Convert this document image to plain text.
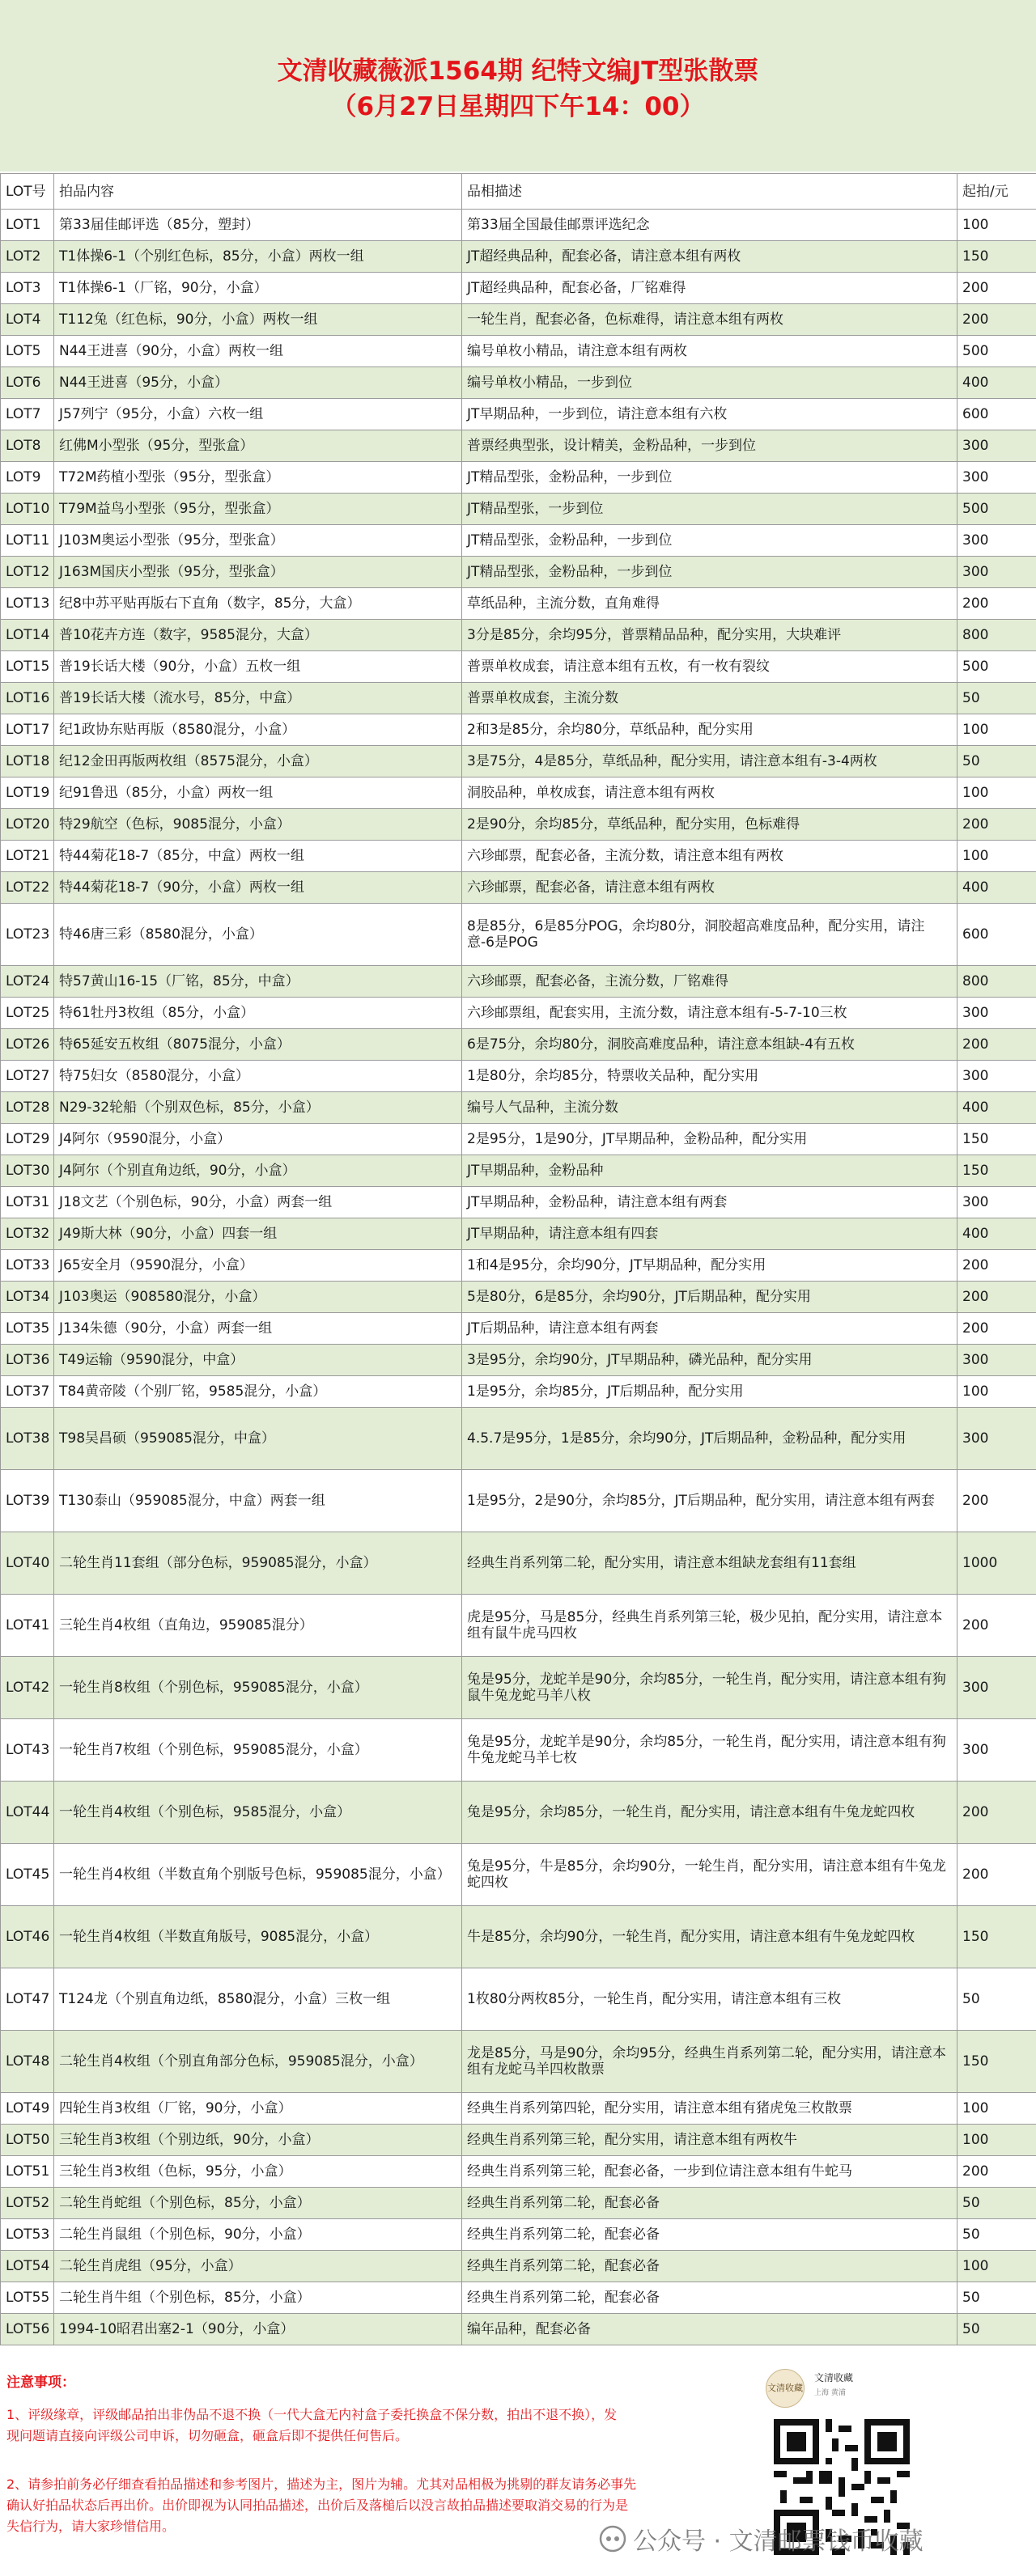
文清收藏薇派1564期 纪特文编JT型张散票
（6月27日星期四下午14：00）
LOT号	拍品内容	品相描述	起拍/元
LOT1	第33届佳邮评选（85分，塑封）	第33届全国最佳邮票评选纪念	100
LOT2	T1体操6-1（个别红色标，85分，小盒）两枚一组	JT超经典品种，配套必备，请注意本组有两枚	150
LOT3	T1体操6-1（厂铭，90分，小盒）	JT超经典品种，配套必备，厂铭难得	200
LOT4	T112兔（红色标，90分，小盒）两枚一组	一轮生肖，配套必备，色标难得，请注意本组有两枚	200
LOT5	N44王进喜（90分，小盒）两枚一组	编号单枚小精品，请注意本组有两枚	500
LOT6	N44王进喜（95分，小盒）	编号单枚小精品，一步到位	400
LOT7	J57列宁（95分，小盒）六枚一组	JT早期品种，一步到位，请注意本组有六枚	600
LOT8	红佛M小型张（95分，型张盒）	普票经典型张，设计精美，金粉品种，一步到位	300
LOT9	T72M药植小型张（95分，型张盒）	JT精品型张，金粉品种，一步到位	300
LOT10	T79M益鸟小型张（95分，型张盒）	JT精品型张，一步到位	500
LOT11	J103M奥运小型张（95分，型张盒）	JT精品型张，金粉品种，一步到位	300
LOT12	J163M国庆小型张（95分，型张盒）	JT精品型张，金粉品种，一步到位	300
LOT13	纪8中苏平贴再版右下直角（数字，85分，大盒）	草纸品种，主流分数，直角难得	200
LOT14	普10花卉方连（数字，9585混分，大盒）	3分是85分，余均95分，普票精品品种，配分实用，大块难评	800
LOT15	普19长话大楼（90分，小盒）五枚一组	普票单枚成套，请注意本组有五枚，有一枚有裂纹	500
LOT16	普19长话大楼（流水号，85分，中盒）	普票单枚成套，主流分数	50
LOT17	纪1政协东贴再版（8580混分，小盒）	2和3是85分，余均80分，草纸品种，配分实用	100
LOT18	纪12金田再版两枚组（8575混分，小盒）	3是75分，4是85分，草纸品种，配分实用，请注意本组有-3-4两枚	50
LOT19	纪91鲁迅（85分，小盒）两枚一组	洞胶品种，单枚成套，请注意本组有两枚	100
LOT20	特29航空（色标，9085混分，小盒）	2是90分，余均85分，草纸品种，配分实用，色标难得	200
LOT21	特44菊花18-7（85分，中盒）两枚一组	六珍邮票，配套必备，主流分数，请注意本组有两枚	100
LOT22	特44菊花18-7（90分，小盒）两枚一组	六珍邮票，配套必备，请注意本组有两枚	400
LOT23	特46唐三彩（8580混分，小盒）	8是85分，6是85分POG，余均80分，洞胶超高难度品种，配分实用，请注意-6是POG	600
LOT24	特57黄山16-15（厂铭，85分，中盒）	六珍邮票，配套必备，主流分数，厂铭难得	800
LOT25	特61牡丹3枚组（85分，小盒）	六珍邮票组，配套实用，主流分数，请注意本组有-5-7-10三枚	300
LOT26	特65延安五枚组（8075混分，小盒）	6是75分，余均80分，洞胶高难度品种，请注意本组缺-4有五枚	200
LOT27	特75妇女（8580混分，小盒）	1是80分，余均85分，特票收关品种，配分实用	300
LOT28	N29-32轮船（个别双色标，85分，小盒）	编号人气品种，主流分数	400
LOT29	J4阿尔（9590混分，小盒）	2是95分，1是90分，JT早期品种，金粉品种，配分实用	150
LOT30	J4阿尔（个别直角边纸，90分，小盒）	JT早期品种，金粉品种	150
LOT31	J18文艺（个别色标，90分，小盒）两套一组	JT早期品种，金粉品种，请注意本组有两套	300
LOT32	J49斯大林（90分，小盒）四套一组	JT早期品种，请注意本组有四套	400
LOT33	J65安全月（9590混分，小盒）	1和4是95分，余均90分，JT早期品种，配分实用	200
LOT34	J103奥运（908580混分，小盒）	5是80分，6是85分，余均90分，JT后期品种，配分实用	200
LOT35	J134朱德（90分，小盒）两套一组	JT后期品种，请注意本组有两套	200
LOT36	T49运输（9590混分，中盒）	3是95分，余均90分，JT早期品种，磷光品种，配分实用	300
LOT37	T84黄帝陵（个别厂铭，9585混分，小盒）	1是95分，余均85分，JT后期品种，配分实用	100
LOT38	T98吴昌硕（959085混分，中盒）	4.5.7是95分，1是85分，余均90分，JT后期品种，金粉品种，配分实用	300
LOT39	T130泰山（959085混分，中盒）两套一组	1是95分，2是90分，余均85分，JT后期品种，配分实用，请注意本组有两套	200
LOT40	二轮生肖11套组（部分色标，959085混分，小盒）	经典生肖系列第二轮，配分实用，请注意本组缺龙套组有11套组	1000
LOT41	三轮生肖4枚组（直角边，959085混分）	虎是95分，马是85分，经典生肖系列第三轮，极少见拍，配分实用，请注意本组有鼠牛虎马四枚	200
LOT42	一轮生肖8枚组（个别色标，959085混分，小盒）	兔是95分，龙蛇羊是90分，余均85分，一轮生肖，配分实用，请注意本组有狗鼠牛兔龙蛇马羊八枚	300
LOT43	一轮生肖7枚组（个别色标，959085混分，小盒）	兔是95分，龙蛇羊是90分，余均85分，一轮生肖，配分实用，请注意本组有狗牛兔龙蛇马羊七枚	300
LOT44	一轮生肖4枚组（个别色标，9585混分，小盒）	兔是95分，余均85分，一轮生肖，配分实用，请注意本组有牛兔龙蛇四枚	200
LOT45	一轮生肖4枚组（半数直角个别版号色标，959085混分，小盒）	兔是95分，牛是85分，余均90分，一轮生肖，配分实用，请注意本组有牛兔龙蛇四枚	200
LOT46	一轮生肖4枚组（半数直角版号，9085混分，小盒）	牛是85分，余均90分，一轮生肖，配分实用，请注意本组有牛兔龙蛇四枚	150
LOT47	T124龙（个别直角边纸，8580混分，小盒）三枚一组	1枚80分两枚85分，一轮生肖，配分实用，请注意本组有三枚	50
LOT48	二轮生肖4枚组（个别直角部分色标，959085混分，小盒）	龙是85分，马是90分，余均95分，经典生肖系列第二轮，配分实用，请注意本组有龙蛇马羊四枚散票	150
LOT49	四轮生肖3枚组（厂铭，90分，小盒）	经典生肖系列第四轮，配分实用，请注意本组有猪虎兔三枚散票	100
LOT50	三轮生肖3枚组（个别边纸，90分，小盒）	经典生肖系列第三轮，配分实用，请注意本组有两枚牛	100
LOT51	三轮生肖3枚组（色标，95分，小盒）	经典生肖系列第三轮，配套必备，一步到位请注意本组有牛蛇马	200
LOT52	二轮生肖蛇组（个别色标，85分，小盒）	经典生肖系列第二轮，配套必备	50
LOT53	二轮生肖鼠组（个别色标，90分，小盒）	经典生肖系列第二轮，配套必备	50
LOT54	二轮生肖虎组（95分，小盒）	经典生肖系列第二轮，配套必备	100
LOT55	二轮生肖牛组（个别色标，85分，小盒）	经典生肖系列第二轮，配套必备	50
LOT56	1994-10昭君出塞2-1（90分，小盒）	编年品种，配套必备	50
注意事项：
1、评级缘章，评级邮品拍出非伪品不退不换（一代大盒无内衬盒子委托换盒不保分数，拍出不退不换），发现问题请直接向评级公司申诉，切勿砸盒，砸盒后即不提供任何售后。
2、请参拍前务必仔细查看拍品描述和参考图片，描述为主，图片为辅。尤其对品相极为挑剔的群友请务必事先确认好拍品状态后再出价。出价即视为认同拍品描述，出价后及落槌后以没言故拍品描述要取消交易的行为是失信行为，请大家珍惜信用。
文清收藏
文清收藏
上海 黄浦
公众号 · 文清邮票钱币收藏
